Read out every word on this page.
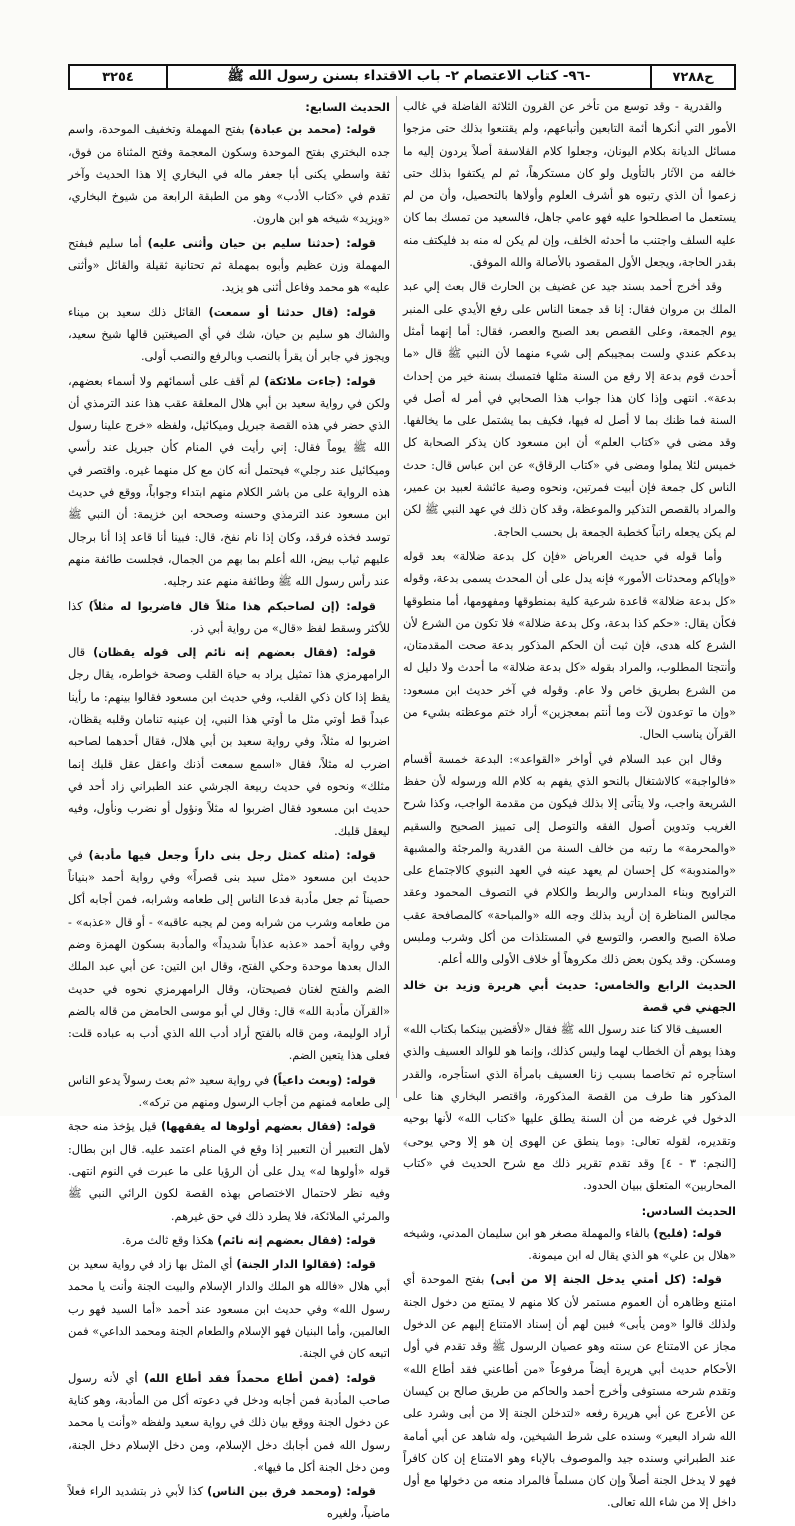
٣٢٥٤	-٩٦- كتاب الاعتصام ٢- باب الاقتداء بسنن رسول الله ﷺ	ح٧٢٨٨

والقدرية - وقد توسع من تأخر عن القرون الثلاثة الفاضلة في غالب الأمور التي أنكرها أئمة التابعين وأتباعهم، ولم يقتنعوا بذلك حتى مزجوا مسائل الديانة بكلام اليونان، وجعلوا كلام الفلاسفة أصلاً يردون إليه ما خالفه من الآثار بالتأويل ولو كان مستكرهاً، ثم لم يكتفوا بذلك حتى زعموا أن الذي رتبوه هو أشرف العلوم وأولاها بالتحصيل، وأن من لم يستعمل ما اصطلحوا عليه فهو عامي جاهل، فالسعيد من تمسك بما كان عليه السلف واجتنب ما أحدثه الخلف، وإن لم يكن له منه بد فليكتف منه بقدر الحاجة، ويجعل الأول المقصود بالأصالة والله الموفق.

وقد أخرج أحمد بسند جيد عن غضيف بن الحارث قال بعث إلي عبد الملك بن مروان فقال: إنا قد جمعنا الناس على رفع الأيدي على المنبر يوم الجمعة، وعلى القصص بعد الصبح والعصر، فقال: أما إنهما أمثل بدعكم عندي ولست بمجيبكم إلى شيء منهما لأن النبي ﷺ قال «ما أحدث قوم بدعة إلا رفع من السنة مثلها فتمسك بسنة خير من إحداث بدعة». انتهى وإذا كان هذا جواب هذا الصحابي في أمر له أصل في السنة فما ظنك بما لا أصل له فيها، فكيف بما يشتمل على ما يخالفها. وقد مضى في «كتاب العلم» أن ابن مسعود كان يذكر الصحابة كل خميس لئلا يملوا ومضى في «كتاب الرقاق» عن ابن عباس قال: حدث الناس كل جمعة فإن أبيت فمرتين، ونحوه وصية عائشة لعبيد بن عمير، والمراد بالقصص التذكير والموعظة، وقد كان ذلك في عهد النبي ﷺ لكن لم يكن يجعله راتباً كخطبة الجمعة بل بحسب الحاجة.

وأما قوله في حديث العرباض «فإن كل بدعة ضلالة» بعد قوله «وإياكم ومحدثات الأمور» فإنه يدل على أن المحدث يسمى بدعة، وقوله «كل بدعة ضلالة» قاعدة شرعية كلية بمنطوقها ومفهومها، أما منطوقها فكأن يقال: «حكم كذا بدعة، وكل بدعة ضلالة» فلا تكون من الشرع لأن الشرع كله هدى، فإن ثبت أن الحكم المذكور بدعة صحت المقدمتان، وأنتجتا المطلوب، والمراد بقوله «كل بدعة ضلالة» ما أحدث ولا دليل له من الشرع بطريق خاص ولا عام. وقوله في آخر حديث ابن مسعود: «وإن ما توعدون لآت وما أنتم بمعجزين» أراد ختم موعظته بشيء من القرآن يناسب الحال.

وقال ابن عبد السلام في أواخر «القواعد»: البدعة خمسة أقسام «فالواجبة» كالاشتغال بالنحو الذي يفهم به كلام الله ورسوله لأن حفظ الشريعة واجب، ولا يتأتى إلا بذلك فيكون من مقدمة الواجب، وكذا شرح الغريب وتدوين أصول الفقه والتوصل إلى تمييز الصحيح والسقيم «والمحرمة» ما رتبه من خالف السنة من القدرية والمرجئة والمشبهة «والمندوبة» كل إحسان لم يعهد عينه في العهد النبوي كالاجتماع على التراويح وبناء المدارس والربط والكلام في التصوف المحمود وعقد مجالس المناظرة إن أريد بذلك وجه الله «والمباحة» كالمصافحة عقب صلاة الصبح والعصر، والتوسع في المستلذات من أكل وشرب وملبس ومسكن. وقد يكون بعض ذلك مكروهاً أو خلاف الأولى والله أعلم.

الحديث الرابع والخامس: حديث أبي هريرة وزيد بن خالد الجهني في قصة

العسيف قالا كنا عند رسول الله ﷺ فقال «لأقضين بينكما بكتاب الله» وهذا يوهم أن الخطاب لهما وليس كذلك، وإنما هو للوالد العسيف والذي استأجره ثم تخاصما بسبب زنا العسيف بامرأة الذي استأجره، والقدر المذكور هنا طرف من القصة المذكورة، واقتصر البخاري هنا على الدخول في غرضه من أن السنة يطلق عليها «كتاب الله» لأنها بوحيه وتقديره، لقوله تعالى: ﴿وما ينطق عن الهوى إن هو إلا وحي يوحى﴾ [النجم: ٣ - ٤] وقد تقدم تقرير ذلك مع شرح الحديث في «كتاب المحاربين» المتعلق ببيان الحدود.

الحديث السادس:

قوله: (فليح) بالفاء والمهملة مصغر هو ابن سليمان المدني، وشيخه «هلال بن علي» هو الذي يقال له ابن ميمونة.

قوله: (كل أمتي يدخل الجنة إلا من أبى) بفتح الموحدة أي امتنع وظاهره أن العموم مستمر لأن كلا منهم لا يمتنع من دخول الجنة ولذلك قالوا «ومن يأبى» فبين لهم أن إسناد الامتناع إليهم عن الدخول مجاز عن الامتناع عن سنته وهو عصيان الرسول ﷺ وقد تقدم في أول الأحكام حديث أبي هريرة أيضاً مرفوعاً «من أطاعني فقد أطاع الله» وتقدم شرحه مستوفى وأخرج أحمد والحاكم من طريق صالح بن كيسان عن الأعرج عن أبي هريرة رفعه «لتدخلن الجنة إلا من أبى وشرد على الله شراد البعير» وسنده على شرط الشيخين، وله شاهد عن أبي أمامة عند الطبراني وسنده جيد والموصوف بالإباء وهو الامتناع إن كان كافراً فهو لا يدخل الجنة أصلاً وإن كان مسلماً فالمراد منعه من دخولها مع أول داخل إلا من شاء الله تعالى.

الحديث السابع:

قوله: (محمد بن عبادة) بفتح المهملة وتخفيف الموحدة، واسم جده البختري بفتح الموحدة وسكون المعجمة وفتح المثناة من فوق، ثقة واسطي يكنى أبا جعفر ماله في البخاري إلا هذا الحديث وآخر تقدم في «كتاب الأدب» وهو من الطبقة الرابعة من شيوخ البخاري، «ويزيد» شيخه هو ابن هارون.

قوله: (حدثنا سليم بن حيان وأثنى عليه) أما سليم فبفتح المهملة وزن عظيم وأبوه بمهملة ثم تحتانية ثقيلة والقائل «وأثنى عليه» هو محمد وفاعل أثنى هو يزيد.

قوله: (قال حدثنا أو سمعت) القائل ذلك سعيد بن ميناء والشاك هو سليم بن حيان، شك في أي الصيغتين قالها شيخ سعيد، ويجوز في جابر أن يقرأ بالنصب وبالرفع والنصب أولى.

قوله: (جاءت ملائكة) لم أقف على أسمائهم ولا أسماء بعضهم، ولكن في رواية سعيد بن أبي هلال المعلقة عقب هذا عند الترمذي أن الذي حضر في هذه القصة جبريل وميكائيل، ولفظه «خرج علينا رسول الله ﷺ يوماً فقال: إني رأيت في المنام كأن جبريل عند رأسي وميكائيل عند رجلي» فيحتمل أنه كان مع كل منهما غيره. واقتصر في هذه الرواية على من باشر الكلام منهم ابتداء وجواباً، ووقع في حديث ابن مسعود عند الترمذي وحسنه وصححه ابن خزيمة: أن النبي ﷺ توسد فخذه فرقد، وكان إذا نام نفخ، قال: فبينا أنا قاعد إذا أنا برجال عليهم ثياب بيض، الله أعلم بما بهم من الجمال، فجلست طائفة منهم عند رأس رسول الله ﷺ وطائفة منهم عند رجليه.

قوله: (إن لصاحبكم هذا مثلاً قال فاضربوا له مثلاً) كذا للأكثر وسقط لفظ «قال» من رواية أبي ذر.

قوله: (فقال بعضهم إنه نائم إلى قوله يقظان) قال الرامهرمزي هذا تمثيل يراد به حياة القلب وصحة خواطره، يقال رجل يقظ إذا كان ذكي القلب، وفي حديث ابن مسعود فقالوا بينهم: ما رأينا عبداً قط أوتي مثل ما أوتي هذا النبي، إن عينيه تنامان وقلبه يقظان، اضربوا له مثلاً، وفي رواية سعيد بن أبي هلال، فقال أحدهما لصاحبه اضرب له مثلاً، فقال «اسمع سمعت أذنك واعقل عقل قلبك إنما مثلك» ونحوه في حديث ربيعة الجرشي عند الطبراني زاد أحد في حديث ابن مسعود فقال اضربوا له مثلاً ونؤول أو نضرب ونأول، وفيه ليعقل قلبك.

قوله: (مثله كمثل رجل بنى داراً وجعل فيها مأدبة) في حديث ابن مسعود «مثل سيد بنى قصراً» وفي رواية أحمد «بنياناً حصيناً ثم جعل مأدبة فدعا الناس إلى طعامه وشرابه، فمن أجابه أكل من طعامه وشرب من شرابه ومن لم يجبه عاقبه» - أو قال «عذبه» - وفي رواية أحمد «عذبه عذاباً شديداً» والمأدبة بسكون الهمزة وضم الدال بعدها موحدة وحكي الفتح، وقال ابن التين: عن أبي عبد الملك الضم والفتح لغتان فصيحتان، وقال الرامهرمزي نحوه في حديث «القرآن مأدبة الله» قال: وقال لي أبو موسى الحامض من قاله بالضم أراد الوليمة، ومن قاله بالفتح أراد أدب الله الذي أدب به عباده قلت: فعلى هذا يتعين الضم.

قوله: (وبعث داعياً) في رواية سعيد «ثم بعث رسولاً يدعو الناس إلى طعامه فمنهم من أجاب الرسول ومنهم من تركه».

قوله: (فقال بعضهم أولوها له يفقهها) قيل يؤخذ منه حجة لأهل التعبير أن التعبير إذا وقع في المنام اعتمد عليه. قال ابن بطال: قوله «أولوها له» يدل على أن الرؤيا على ما عبرت في النوم انتهى. وفيه نظر لاحتمال الاختصاص بهذه القصة لكون الرائي النبي ﷺ والمرئي الملائكة، فلا يطرد ذلك في حق غيرهم.

قوله: (فقال بعضهم إنه نائم) هكذا وقع ثالث مرة.

قوله: (فقالوا الدار الجنة) أي المثل بها زاد في رواية سعيد بن أبي هلال «فالله هو الملك والدار الإسلام والبيت الجنة وأنت يا محمد رسول الله» وفي حديث ابن مسعود عند أحمد «أما السيد فهو رب العالمين، وأما البنيان فهو الإسلام والطعام الجنة ومحمد الداعي» فمن اتبعه كان في الجنة.

قوله: (فمن أطاع محمداً فقد أطاع الله) أي لأنه رسول صاحب المأدبة فمن أجابه ودخل في دعوته أكل من المأدبة، وهو كناية عن دخول الجنة ووقع بيان ذلك في رواية سعيد ولفظه «وأنت يا محمد رسول الله فمن أجابك دخل الإسلام، ومن دخل الإسلام دخل الجنة، ومن دخل الجنة أكل ما فيها».

قوله: (ومحمد فرق بين الناس) كذا لأبي ذر بتشديد الراء فعلاً ماضياً، ولغيره
